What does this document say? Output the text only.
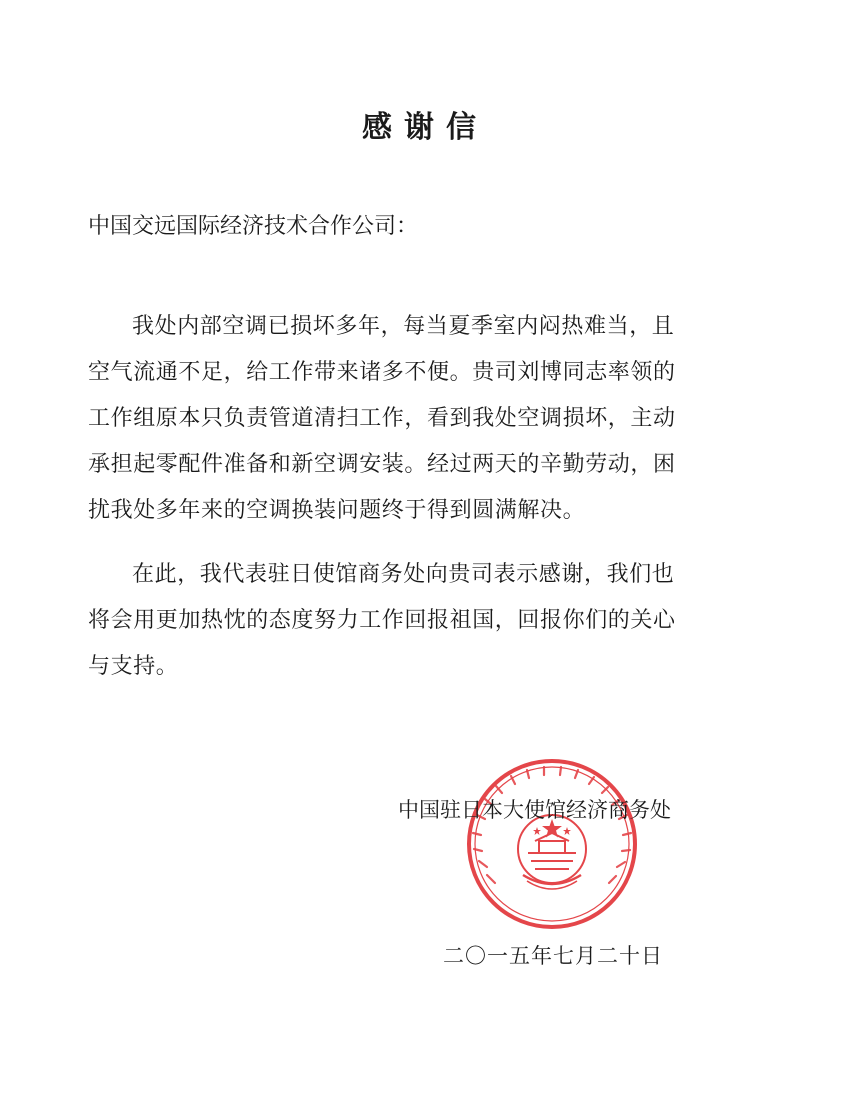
感谢信
中国交远国际经济技术合作公司：

我处内部空调已损坏多年，每当夏季室内闷热难当，且
空气流通不足，给工作带来诸多不便。贵司刘博同志率领的
工作组原本只负责管道清扫工作，看到我处空调损坏，主动
承担起零配件准备和新空调安装。经过两天的辛勤劳动，困
扰我处多年来的空调换装问题终于得到圆满解决。

在此，我代表驻日使馆商务处向贵司表示感谢，我们也
将会用更加热忱的态度努力工作回报祖国，回报你们的关心
与支持。

中国驻日本大使馆经济商务处
二〇一五年七月二十日
